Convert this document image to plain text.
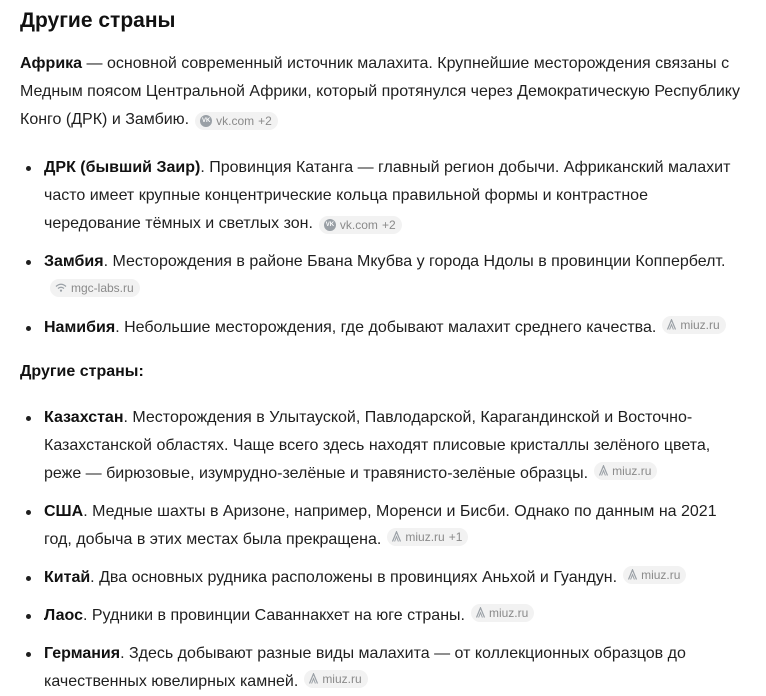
Другие страны

Африка — основной современный источник малахита. Крупнейшие месторождения связаны с Медным поясом Центральной Африки, который протянулся через Демократическую Республику Конго (ДРК) и Замбию.	VK vk.com +2

ДРК (бывший Заир). Провинция Катанга — главный регион добычи. Африканский малахит часто имеет крупные концентрические кольца правильной формы и контрастное чередование тёмных и светлых зон.	VK vk.com +2
Замбия. Месторождения в районе Бвана Мкубва у города Ндолы в провинции Коппербелт.
mgc-labs.ru
Намибия. Небольшие месторождения, где добывают малахит среднего качества. miuz.ru
Другие страны:
Казахстан. Месторождения в Улытауской, Павлодарской, Карагандинской и Восточно-Казахстанской областях. Чаще всего здесь находят плисовые кристаллы зелёного цвета, реже — бирюзовые, изумрудно-зелёные и травянисто-зелёные образцы. miuz.ru
США. Медные шахты в Аризоне, например, Моренси и Бисби. Однако по данным на 2021 год, добыча в этих местах была прекращена. miuz.ru +1
Китай. Два основных рудника расположены в провинциях Аньхой и Гуандун. miuz.ru
Лаос. Рудники в провинции Саваннакхет на юге страны. miuz.ru
Германия. Здесь добывают разные виды малахита — от коллекционных образцов до качественных ювелирных камней. miuz.ru
